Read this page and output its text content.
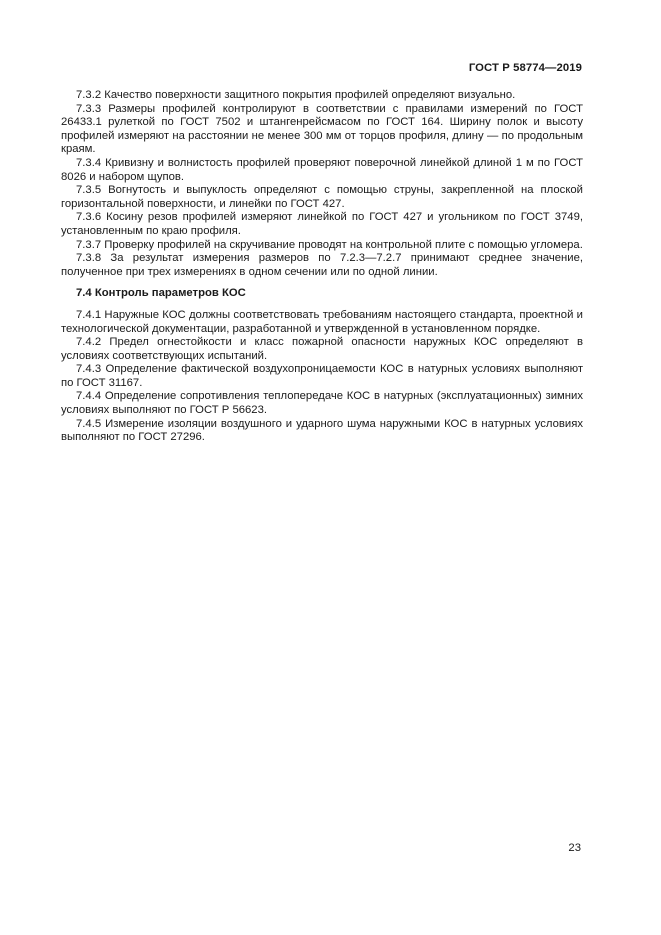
ГОСТ Р 58774—2019

7.3.2 Качество поверхности защитного покрытия профилей определяют визуально.

7.3.3 Размеры профилей контролируют в соответствии с правилами измерений по ГОСТ 26433.1 рулеткой по ГОСТ 7502 и штангенрейсмасом по ГОСТ 164. Ширину полок и высоту профилей измеряют на расстоянии не менее 300 мм от торцов профиля, длину — по продольным краям.

7.3.4 Кривизну и волнистость профилей проверяют поверочной линейкой длиной 1 м по ГОСТ 8026 и набором щупов.

7.3.5 Вогнутость и выпуклость определяют с помощью струны, закрепленной на плоской горизонтальной поверхности, и линейки по ГОСТ 427.

7.3.6 Косину резов профилей измеряют линейкой по ГОСТ 427 и угольником по ГОСТ 3749, установленным по краю профиля.

7.3.7 Проверку профилей на скручивание проводят на контрольной плите с помощью угломера.

7.3.8 За результат измерения размеров по 7.2.3—7.2.7 принимают среднее значение, полученное при трех измерениях в одном сечении или по одной линии.

7.4 Контроль параметров КОС

7.4.1 Наружные КОС должны соответствовать требованиям настоящего стандарта, проектной и технологической документации, разработанной и утвержденной в установленном порядке.

7.4.2 Предел огнестойкости и класс пожарной опасности наружных КОС определяют в условиях соответствующих испытаний.

7.4.3 Определение фактической воздухопроницаемости КОС в натурных условиях выполняют по ГОСТ 31167.

7.4.4 Определение сопротивления теплопередаче КОС в натурных (эксплуатационных) зимних условиях выполняют по ГОСТ Р 56623.

7.4.5 Измерение изоляции воздушного и ударного шума наружными КОС в натурных условиях выполняют по ГОСТ 27296.

23
